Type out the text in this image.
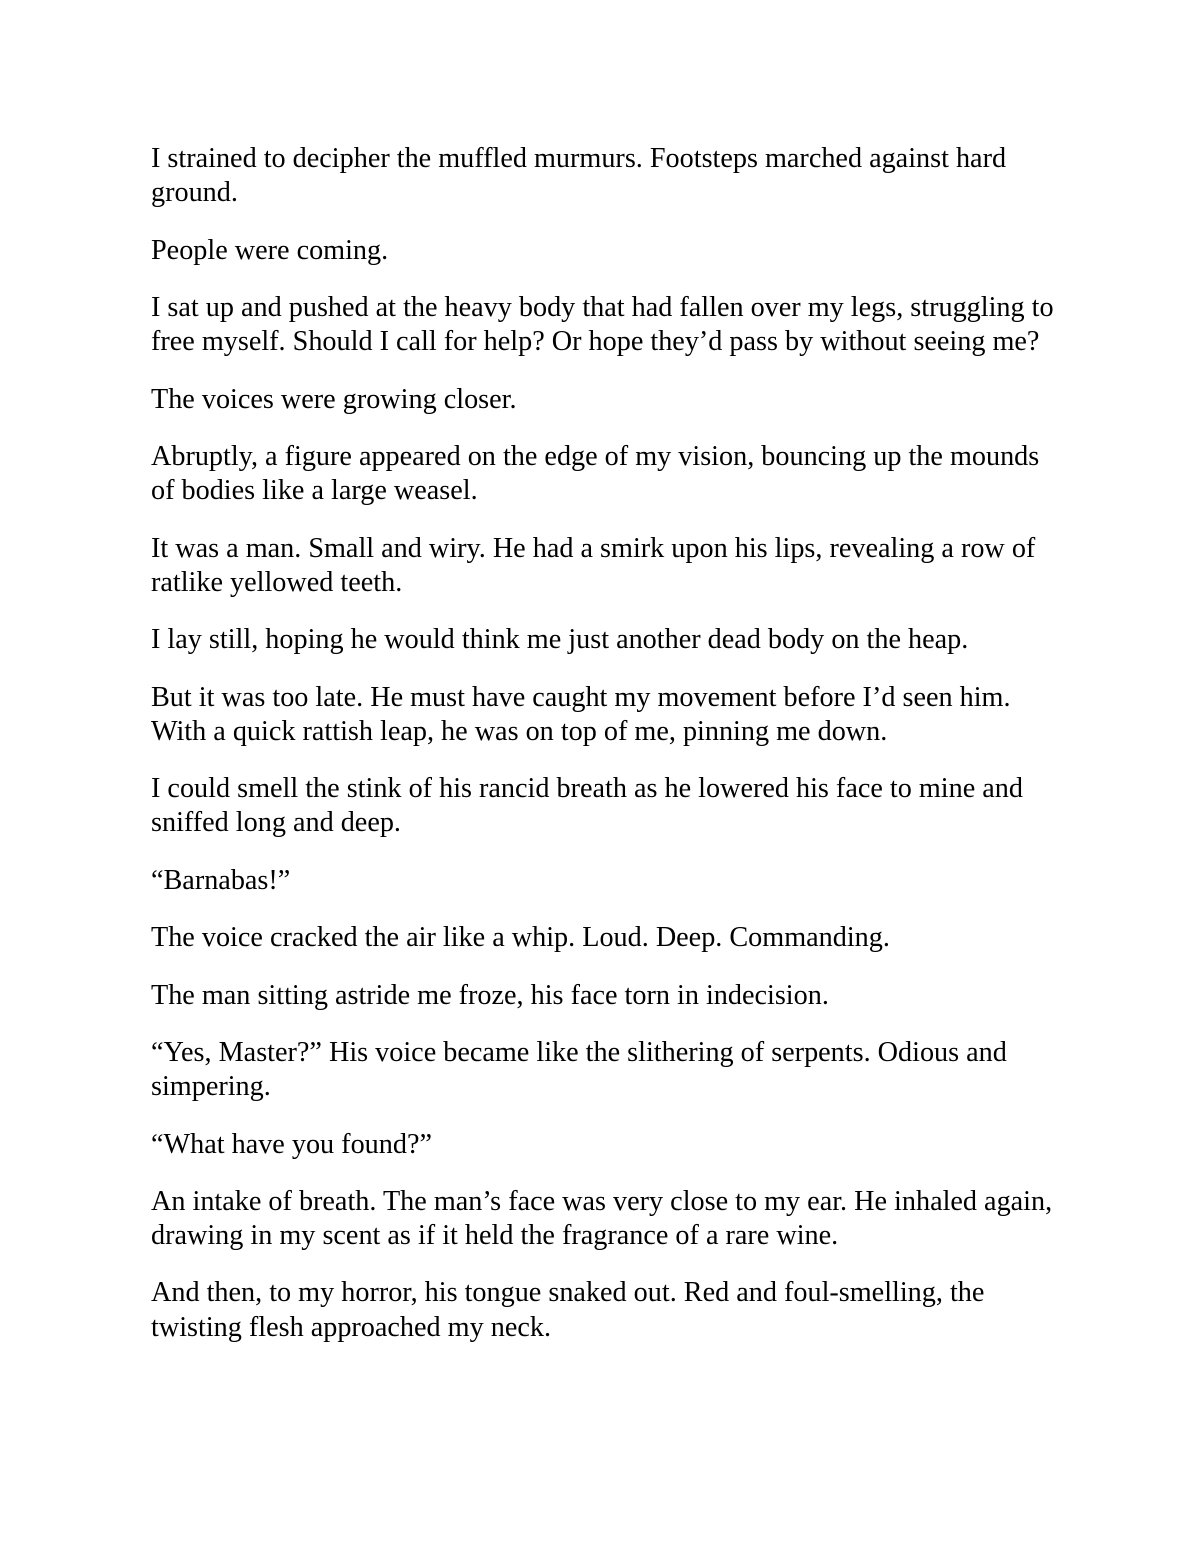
I strained to decipher the muffled murmurs. Footsteps marched against hard ground.

People were coming.

I sat up and pushed at the heavy body that had fallen over my legs, struggling to free myself. Should I call for help? Or hope they’d pass by without seeing me?

The voices were growing closer.

Abruptly, a figure appeared on the edge of my vision, bouncing up the mounds of bodies like a large weasel.

It was a man. Small and wiry. He had a smirk upon his lips, revealing a row of ratlike yellowed teeth.

I lay still, hoping he would think me just another dead body on the heap.

But it was too late. He must have caught my movement before I’d seen him. With a quick rattish leap, he was on top of me, pinning me down.

I could smell the stink of his rancid breath as he lowered his face to mine and sniffed long and deep.

“Barnabas!”

The voice cracked the air like a whip. Loud. Deep. Commanding.

The man sitting astride me froze, his face torn in indecision.

“Yes, Master?” His voice became like the slithering of serpents. Odious and simpering.

“What have you found?”

An intake of breath. The man’s face was very close to my ear. He inhaled again, drawing in my scent as if it held the fragrance of a rare wine.

And then, to my horror, his tongue snaked out. Red and foul-smelling, the twisting flesh approached my neck.
